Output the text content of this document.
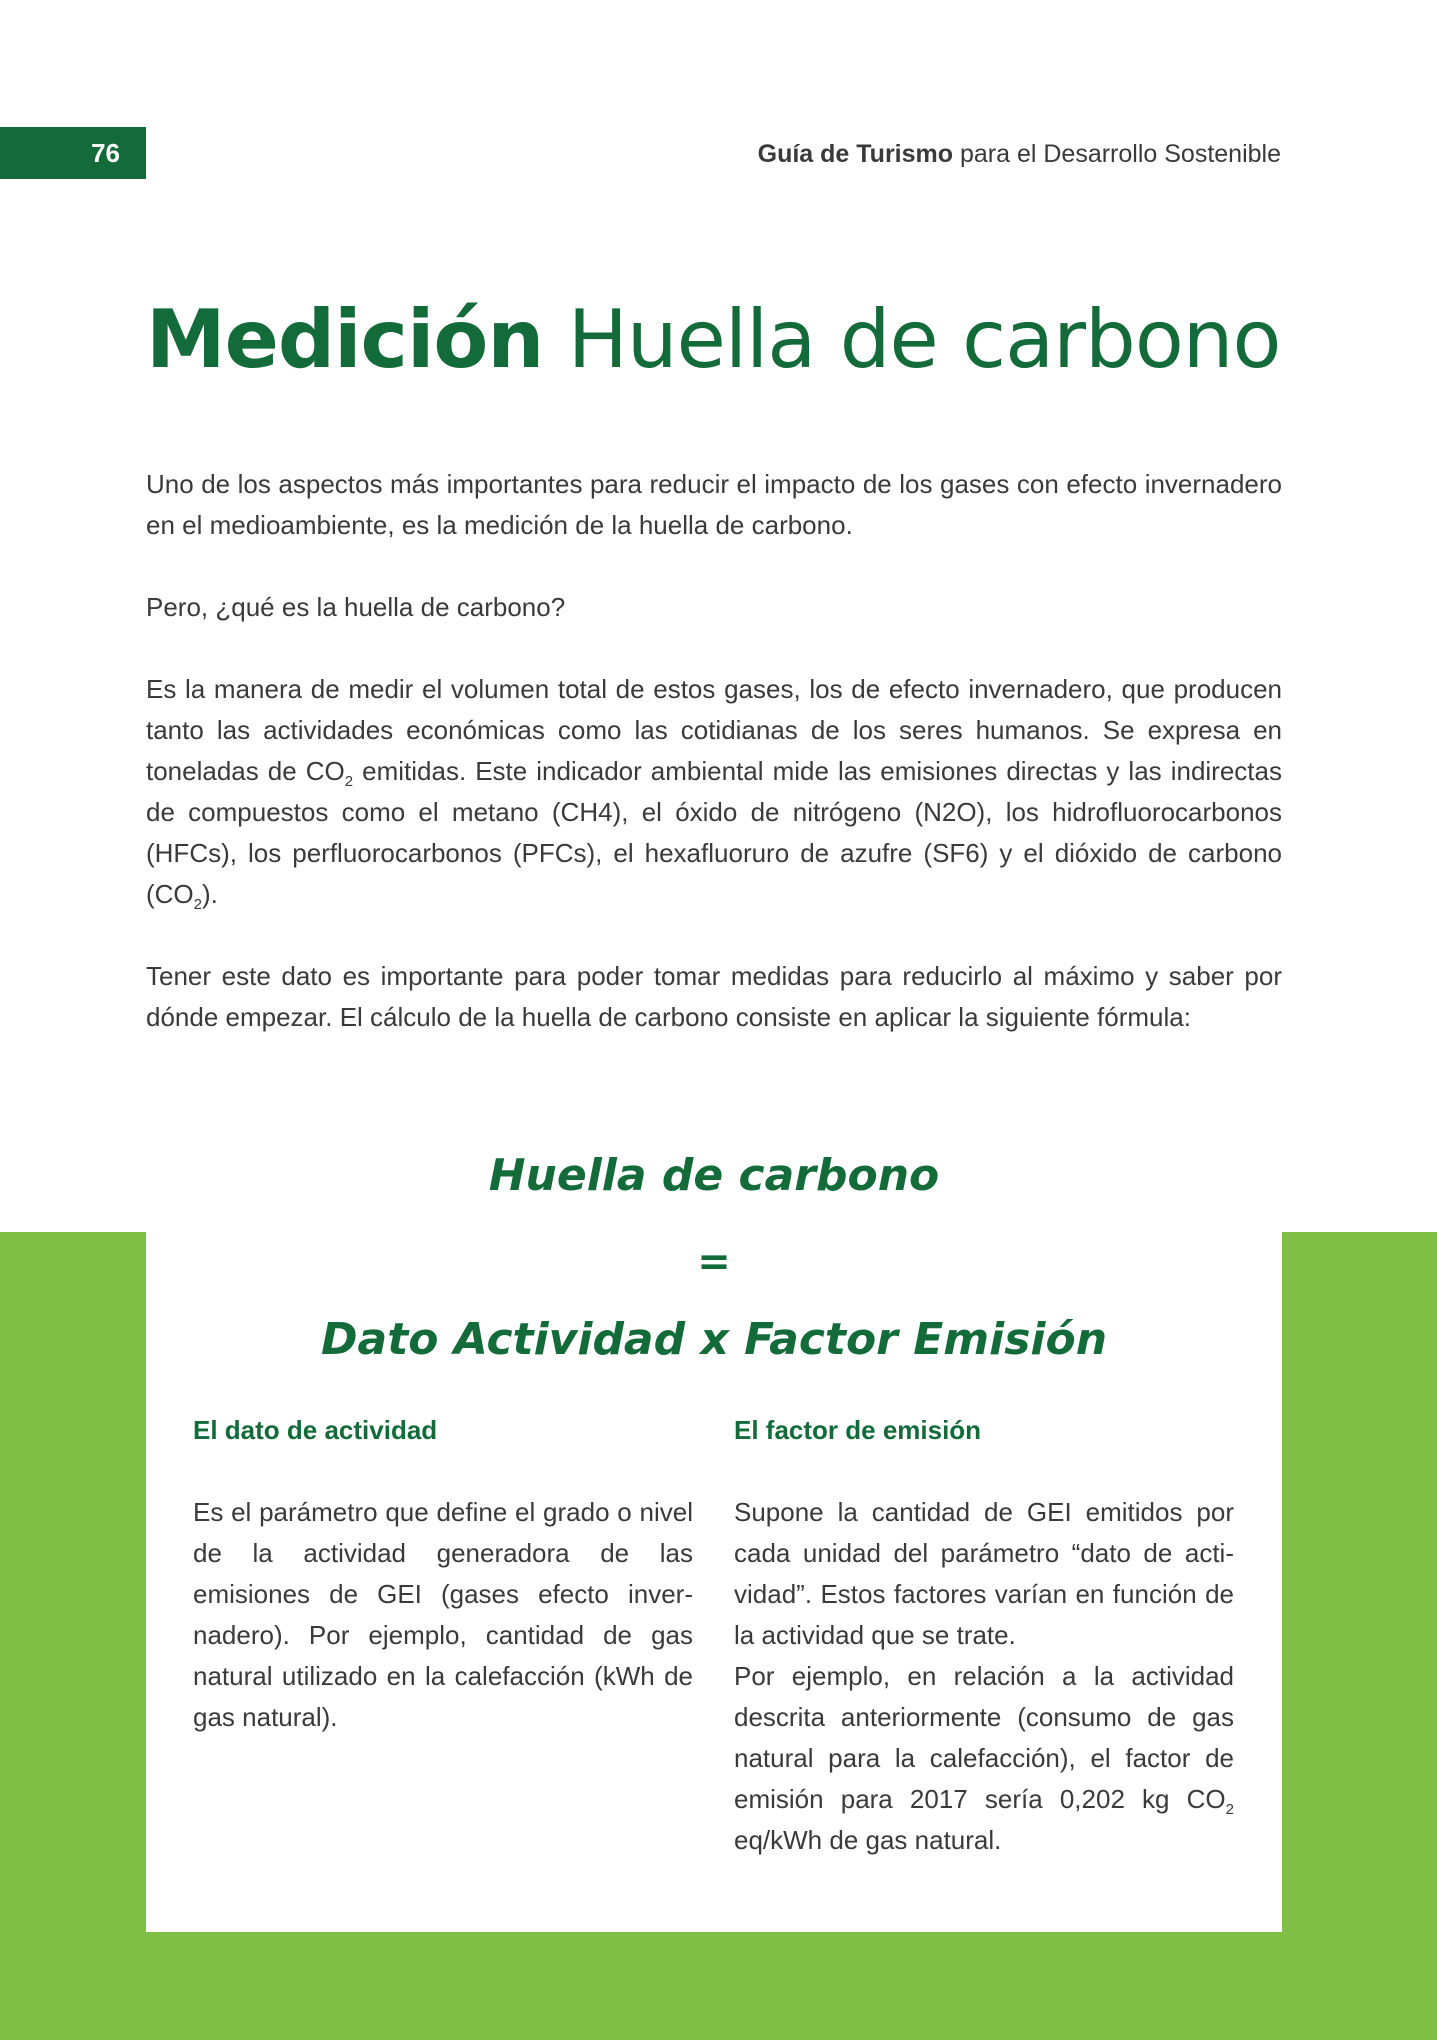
76	Guía de Turismo para el Desarrollo Sostenible
Medición Huella de carbono

Uno de los aspectos más importantes para reducir el impacto de los gases con efecto invernadero en el medioambiente, es la medición de la huella de carbono.

Pero, ¿qué es la huella de carbono?

Es la manera de medir el volumen total de estos gases, los de efecto invernadero, que producen tanto las actividades económicas como las cotidianas de los seres humanos. Se expresa en toneladas de $CO_2$ emitidas. Este indicador ambiental mide las emisiones directas y las indirectas de compuestos como el metano (CH4), el óxido de nitrógeno (N2O), los hidrofluorocarbonos (HFCs), los perfluorocarbonos (PFCs), el hexafluoruro de azufre (SF6) y el dióxido de carbono $(CO_2)$.

Tener este dato es importante para poder tomar medidas para reducirlo al máximo y saber por dónde empezar. El cálculo de la huella de carbono consiste en aplicar la siguiente fórmula:

Huella de carbono

=

Dato Actividad x Factor Emisión

El dato de actividad	El factor de emisión

Es el parámetro que define el grado o nivel de la actividad generadora de las emisiones de GEI (gases efecto invernadero). Por ejemplo, cantidad de gas natural utilizado en la calefacción (kWh de gas natural).

Supone la cantidad de GEI emitidos por cada unidad del parámetro “dato de actividad”. Estos factores varían en función de la actividad que se trate.
Por ejemplo, en relación a la actividad descrita anteriormente (consumo de gas natural para la calefacción), el factor de emisión para 2017 sería 0,202 kg $CO_2$ eq/kWh de gas natural.
